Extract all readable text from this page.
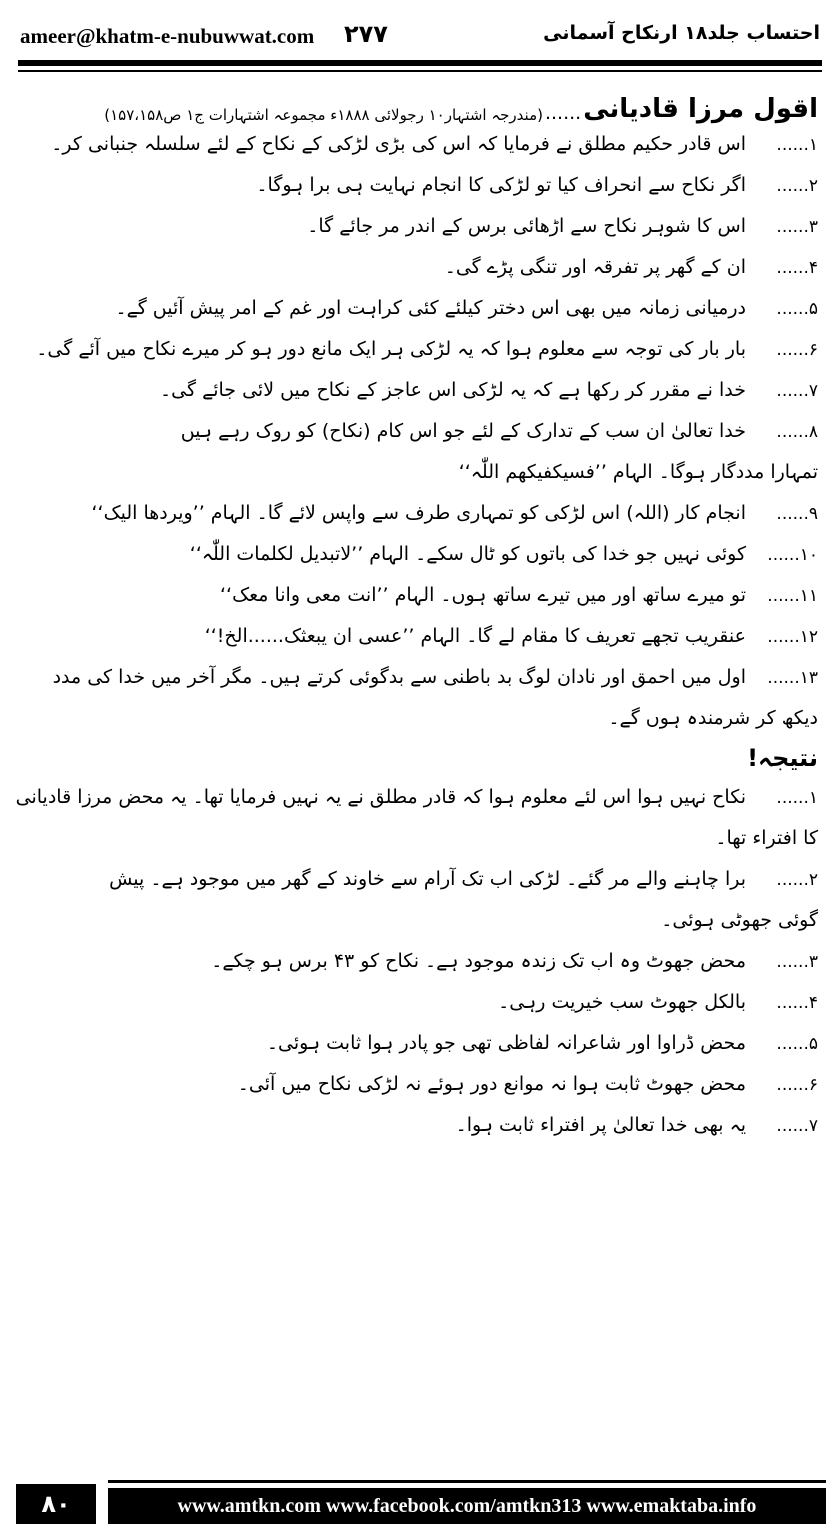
ameer@khatm-e-nubuwwat.com ۲۷۷	احتساب جلد۱۸ ارنکاح آسمانی
اقول مرزا قادیانی
......
(مندرجہ اشتہار۱۰ رجولائی ۱۸۸۸ء مجموعہ اشتہارات ج۱ ص۱۵۷،۱۵۸)
۱......
اس قادر حکیم مطلق نے فرمایا کہ اس کی بڑی لڑکی کے نکاح کے لئے سلسلہ جنبانی کر۔
۲......
اگر نکاح سے انحراف کیا تو لڑکی کا انجام نہایت ہی برا ہوگا۔
۳......
اس کا شوہر نکاح سے اڑھائی برس کے اندر مر جائے گا۔
۴......
ان کے گھر پر تفرقہ اور تنگی پڑے گی۔
۵......
درمیانی زمانہ میں بھی اس دختر کیلئے کئی کراہت اور غم کے امر پیش آئیں گے۔
۶......
بار بار کی توجہ سے معلوم ہوا کہ یہ لڑکی ہر ایک مانع دور ہو کر میرے نکاح میں آئے گی۔
۷......
خدا نے مقرر کر رکھا ہے کہ یہ لڑکی اس عاجز کے نکاح میں لائی جائے گی۔
۸......
خدا تعالیٰ ان سب کے تدارک کے لئے جو اس کام (نکاح) کو روک رہے ہیں
تمہارا مددگار ہوگا۔ الہام ’’فسیکفیکھم اللّٰہ‘‘
۹......
انجام کار (اللہ) اس لڑکی کو تمہاری طرف سے واپس لائے گا۔ الہام ’’ویردھا الیک‘‘
۱۰......
کوئی نہیں جو خدا کی باتوں کو ٹال سکے۔ الہام ’’لاتبدیل لکلمات اللّٰہ‘‘
۱۱......
تو میرے ساتھ اور میں تیرے ساتھ ہوں۔ الہام ’’انت معی وانا معک‘‘
۱۲......
عنقریب تجھے تعریف کا مقام لے گا۔ الہام ’’عسی ان یبعثک......الخ!‘‘
۱۳......
اول میں احمق اور نادان لوگ بد باطنی سے بدگوئی کرتے ہیں۔ مگر آخر میں خدا کی مدد
دیکھ کر شرمندہ ہوں گے۔
نتیجہ!
۱......
نکاح نہیں ہوا اس لئے معلوم ہوا کہ قادر مطلق نے یہ نہیں فرمایا تھا۔ یہ محض مرزا قادیانی
کا افتراء تھا۔
۲......
برا چاہنے والے مر گئے۔ لڑکی اب تک آرام سے خاوند کے گھر میں موجود ہے۔ پیش
گوئی جھوٹی ہوئی۔
۳......
محض جھوٹ وہ اب تک زندہ موجود ہے۔ نکاح کو ۴۳ برس ہو چکے۔
۴......
بالکل جھوٹ سب خیریت رہی۔
۵......
محض ڈراوا اور شاعرانہ لفاظی تھی جو پادر ہوا ثابت ہوئی۔
۶......
محض جھوٹ ثابت ہوا نہ موانع دور ہوئے نہ لڑکی نکاح میں آئی۔
۷......
یہ بھی خدا تعالیٰ پر افتراء ثابت ہوا۔
۸۰	www.amtkn.com www.facebook.com/amtkn313 www.emaktaba.info
